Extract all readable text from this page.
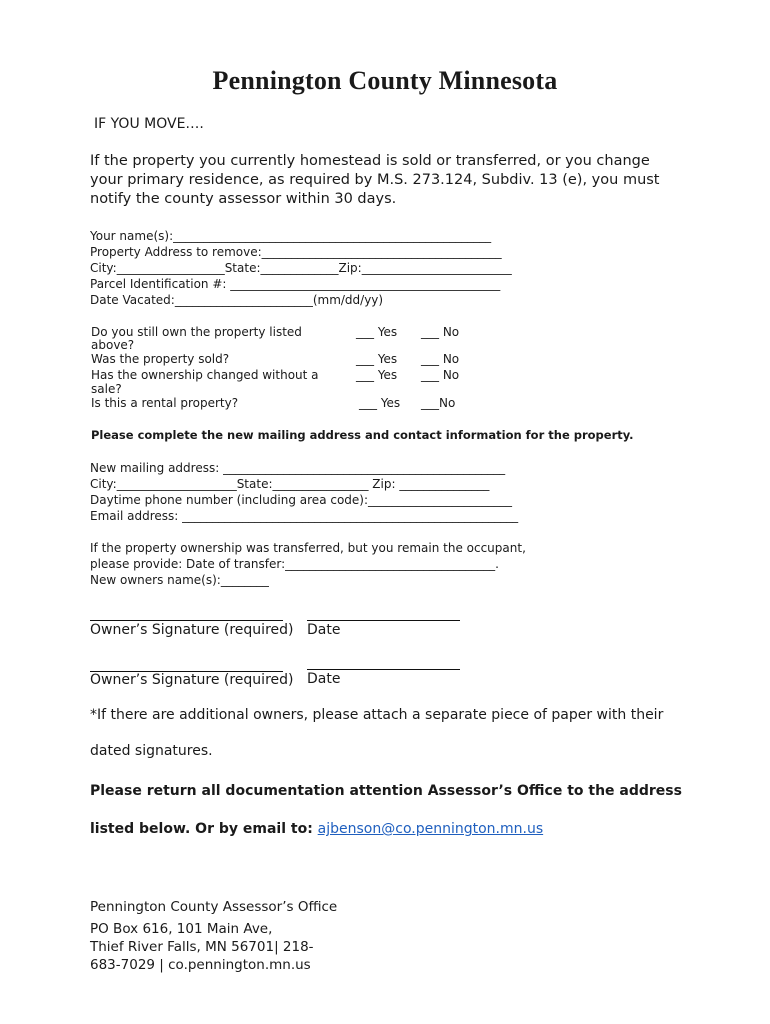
Pennington County Minnesota
IF YOU MOVE….
If the property you currently homestead is sold or transferred, or you change
your primary residence, as required by M.S. 273.124, Subdiv. 13 (e), you must
notify the county assessor within 30 days.
Your name(s):_____________________________________________________
Property Address to remove:________________________________________
City:__________________State:_____________Zip:_________________________
Parcel Identification #: _____________________________________________
Date Vacated:_______________________(mm/dd/yy)
Do you still own the property listed
above?
___ Yes ___ No
Was the property sold?	___ Yes ___ No
Has the ownership changed without a
sale?
___ Yes ___ No
Is this a rental property?	___ Yes ___No
Please complete the new mailing address and contact information for the property.
New mailing address: _______________________________________________
City:____________________State:________________ Zip: _______________
Daytime phone number (including area code):________________________
Email address: ________________________________________________________
If the property ownership was transferred, but you remain the occupant,
please provide: Date of transfer:___________________________________.
New owners name(s):________
Owner’s Signature (required) Date
Owner’s Signature (required) Date
*If there are additional owners, please attach a separate piece of paper with their
dated signatures.
Please return all documentation attention Assessor’s Office to the address
listed below. Or by email to: ajbenson@co.pennington.mn.us
Pennington County Assessor’s Office
PO Box 616, 101 Main Ave,
Thief River Falls, MN 56701| 218-
683-7029 | co.pennington.mn.us
